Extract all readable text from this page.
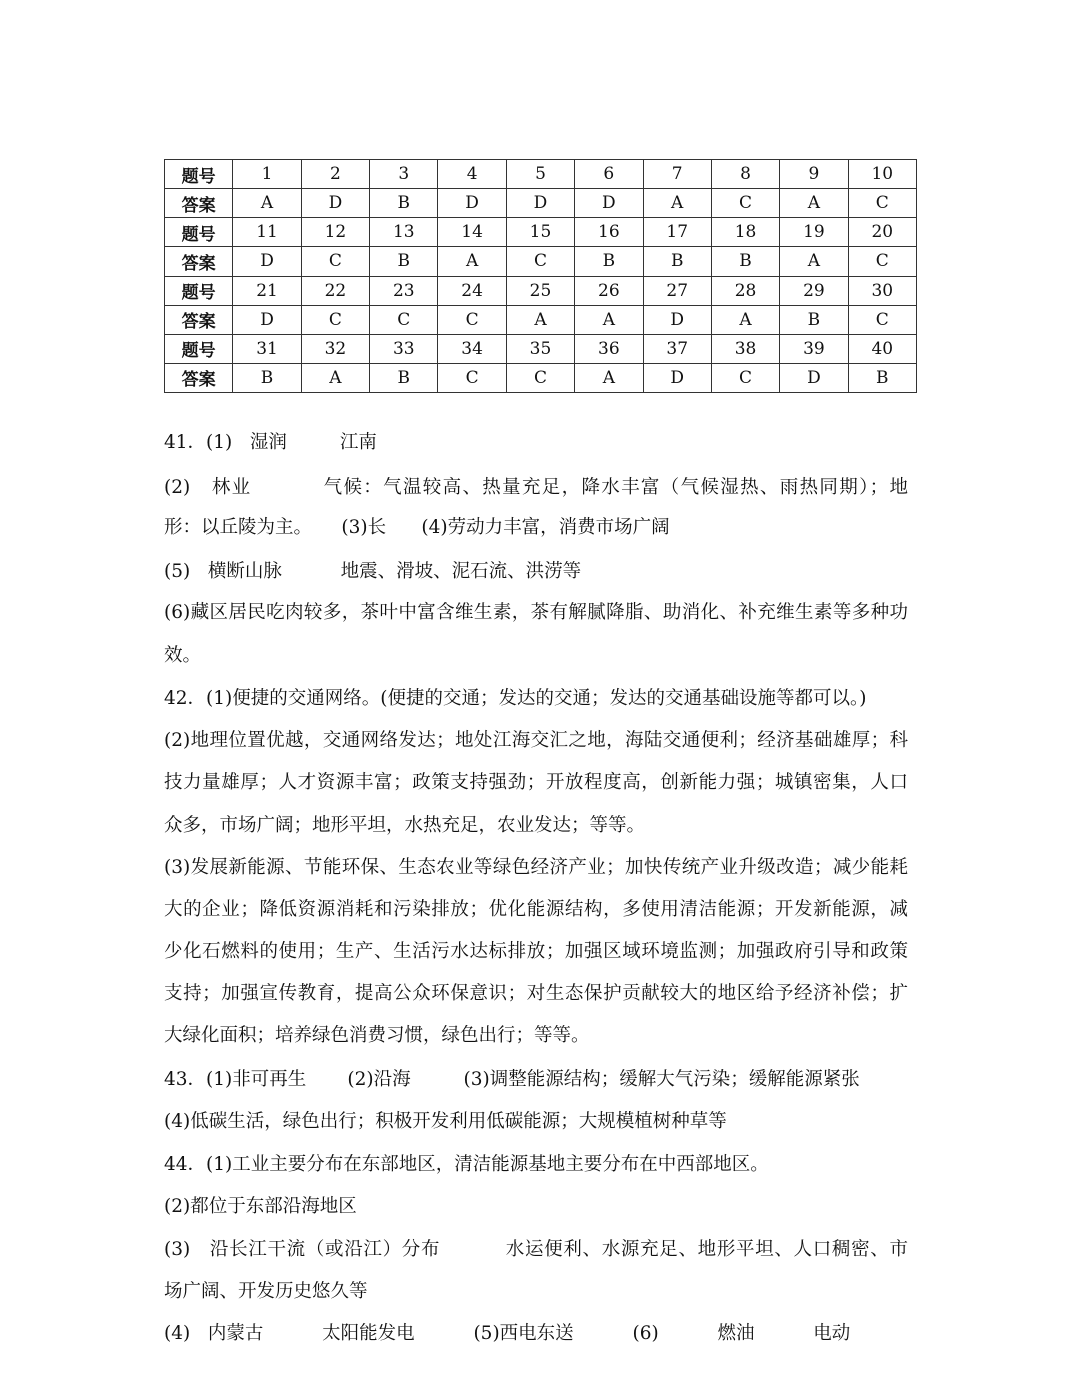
题号	1	2	3	4	5	6	7	8	9	10
答案	A	D	B	D	D	D	A	C	A	C
题号	11	12	13	14	15	16	17	18	19	20
答案	D	C	B	A	C	B	B	B	A	C
题号	21	22	23	24	25	26	27	28	29	30
答案	D	C	C	C	A	A	D	A	B	C
题号	31	32	33	34	35	36	37	38	39	40
答案	B	A	B	C	C	A	D	C	D	B
41．(1)   湿润         江南
(2)   林业          气候：气温较高、热量充足，降水丰富（气候湿热、雨热同期）；地
形：以丘陵为主。     (3)长      (4)劳动力丰富，消费市场广阔
(5)   横断山脉          地震、滑坡、泥石流、洪涝等
(6)藏区居民吃肉较多，茶叶中富含维生素，茶有解腻降脂、助消化、补充维生素等多种功
效。
42．(1)便捷的交通网络。(便捷的交通；发达的交通；发达的交通基础设施等都可以。)
(2)地理位置优越，交通网络发达；地处江海交汇之地，海陆交通便利；经济基础雄厚；科
技力量雄厚；人才资源丰富；政策支持强劲；开放程度高，创新能力强；城镇密集，人口
众多，市场广阔；地形平坦，水热充足，农业发达；等等。
(3)发展新能源、节能环保、生态农业等绿色经济产业；加快传统产业升级改造；减少能耗
大的企业；降低资源消耗和污染排放；优化能源结构，多使用清洁能源；开发新能源，减
少化石燃料的使用；生产、生活污水达标排放；加强区域环境监测；加强政府引导和政策
支持；加强宣传教育，提高公众环保意识；对生态保护贡献较大的地区给予经济补偿；扩
大绿化面积；培养绿色消费习惯，绿色出行；等等。
43．(1)非可再生       (2)沿海         (3)调整能源结构；缓解大气污染；缓解能源紧张
(4)低碳生活，绿色出行；积极开发利用低碳能源；大规模植树种草等
44．(1)工业主要分布在东部地区，清洁能源基地主要分布在中西部地区。
(2)都位于东部沿海地区
(3)   沿长江干流（或沿江）分布          水运便利、水源充足、地形平坦、人口稠密、市
场广阔、开发历史悠久等
(4)   内蒙古          太阳能发电          (5)西电东送          (6)          燃油          电动
